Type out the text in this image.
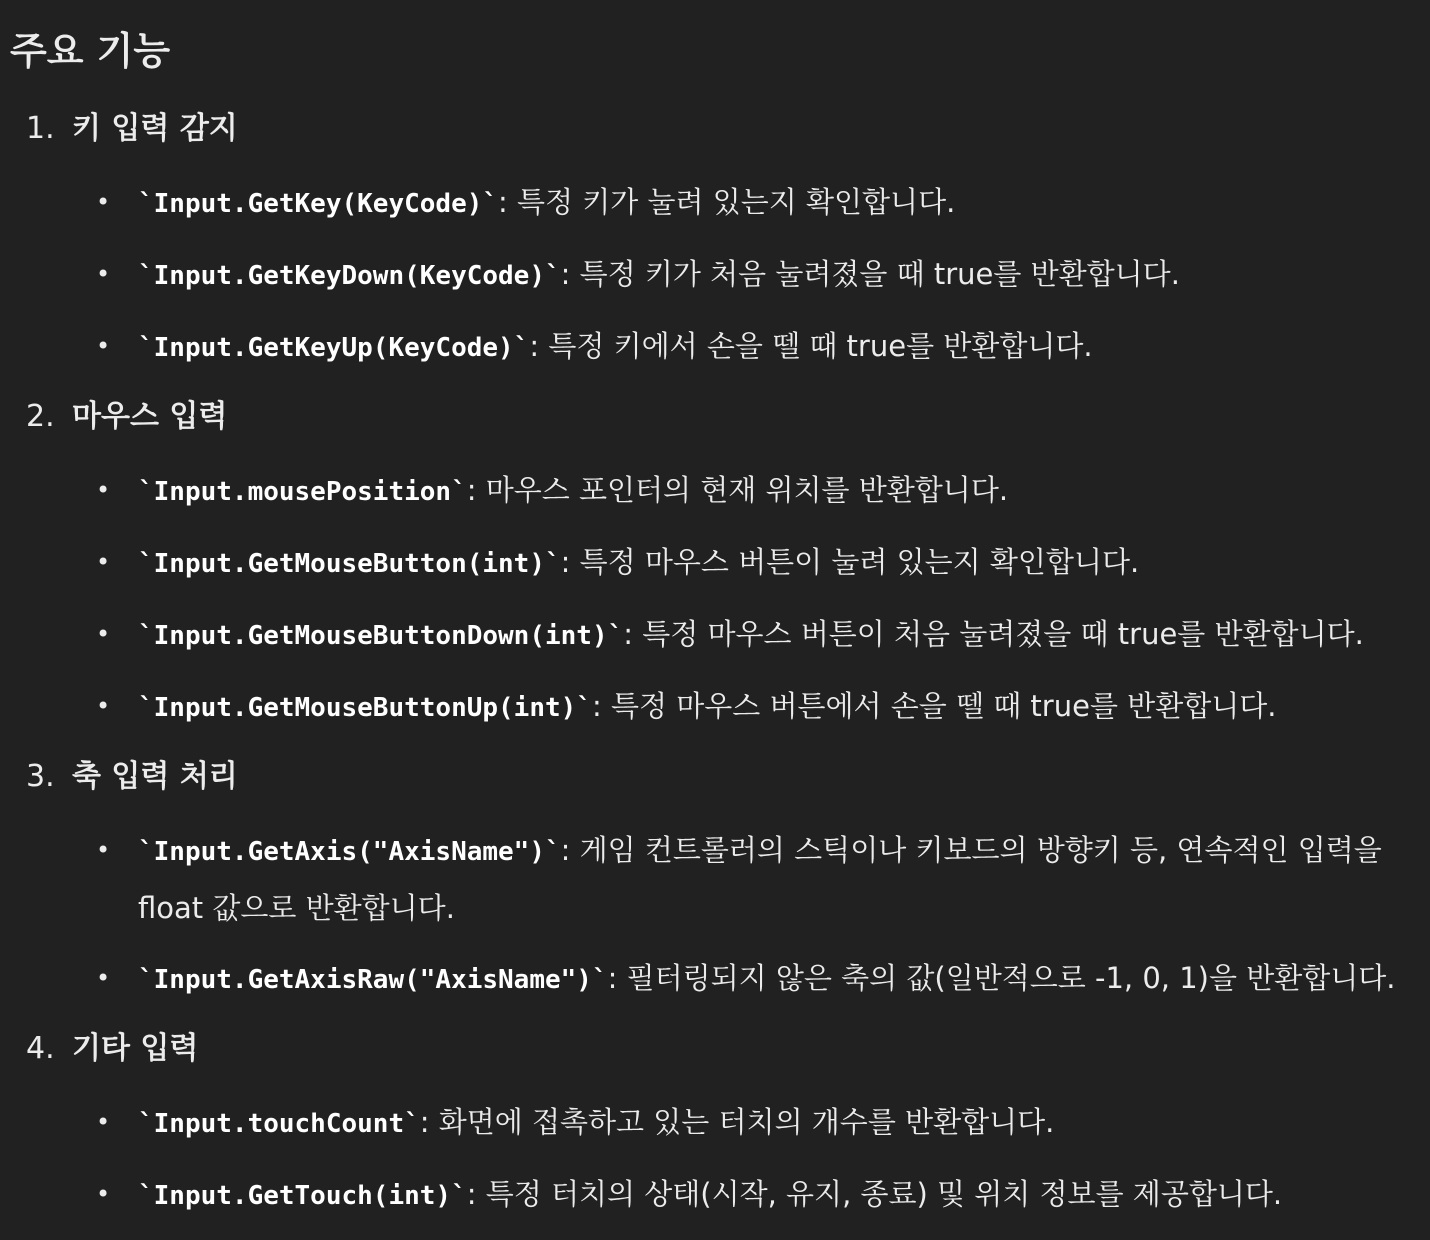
주요 기능
1. 키 입력 감지
• `Input.GetKey(KeyCode)`: 특정 키가 눌려 있는지 확인합니다.
• `Input.GetKeyDown(KeyCode)`: 특정 키가 처음 눌려졌을 때 true를 반환합니다.
• `Input.GetKeyUp(KeyCode)`: 특정 키에서 손을 뗄 때 true를 반환합니다.
2. 마우스 입력
• `Input.mousePosition`: 마우스 포인터의 현재 위치를 반환합니다.
• `Input.GetMouseButton(int)`: 특정 마우스 버튼이 눌려 있는지 확인합니다.
• `Input.GetMouseButtonDown(int)`: 특정 마우스 버튼이 처음 눌려졌을 때 true를 반환합니다.
• `Input.GetMouseButtonUp(int)`: 특정 마우스 버튼에서 손을 뗄 때 true를 반환합니다.
3. 축 입력 처리
• `Input.GetAxis("AxisName")`: 게임 컨트롤러의 스틱이나 키보드의 방향키 등, 연속적인 입력을 float 값으로 반환합니다.
• `Input.GetAxisRaw("AxisName")`: 필터링되지 않은 축의 값(일반적으로 -1, 0, 1)을 반환합니다.
4. 기타 입력
• `Input.touchCount`: 화면에 접촉하고 있는 터치의 개수를 반환합니다.
• `Input.GetTouch(int)`: 특정 터치의 상태(시작, 유지, 종료) 및 위치 정보를 제공합니다.
